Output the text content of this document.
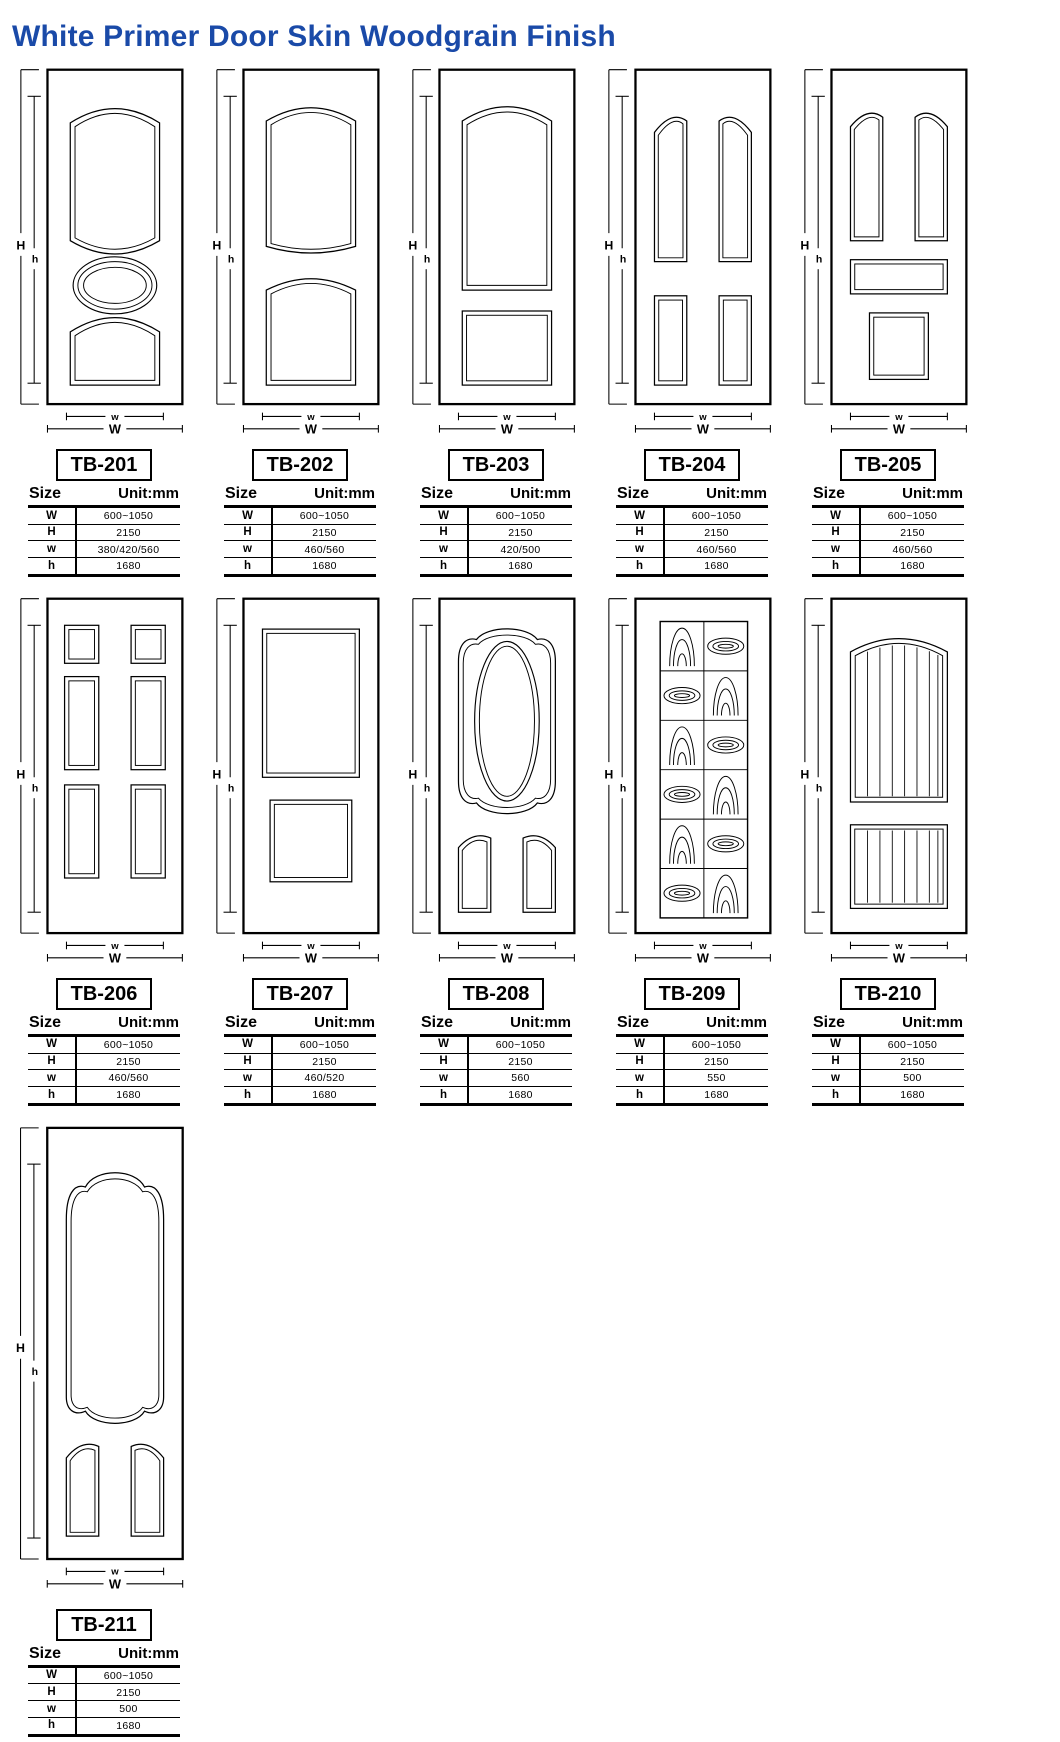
White Primer Door Skin Woodgrain Finish
H
h
w
W
TB-201
Size	Unit:mm
W	600~1050
H	2150
w	380/420/560
h	1680
H
h
w
W
TB-202
Size	Unit:mm
W	600~1050
H	2150
w	460/560
h	1680
H
h
w
W
TB-203
Size	Unit:mm
W	600~1050
H	2150
w	420/500
h	1680
H
h
w
W
TB-204
Size	Unit:mm
W	600~1050
H	2150
w	460/560
h	1680
H
h
w
W
TB-205
Size	Unit:mm
W	600~1050
H	2150
w	460/560
h	1680
H
h
w
W
TB-206
Size	Unit:mm
W	600~1050
H	2150
w	460/560
h	1680
H
h
w
W
TB-207
Size	Unit:mm
W	600~1050
H	2150
w	460/520
h	1680
H
h
w
W
TB-208
Size	Unit:mm
W	600~1050
H	2150
w	560
h	1680
H
h
w
W
TB-209
Size	Unit:mm
W	600~1050
H	2150
w	550
h	1680
H
h
w
W
TB-210
Size	Unit:mm
W	600~1050
H	2150
w	500
h	1680
H
h
w
W
TB-211
Size	Unit:mm
W	600~1050
H	2150
w	500
h	1680
